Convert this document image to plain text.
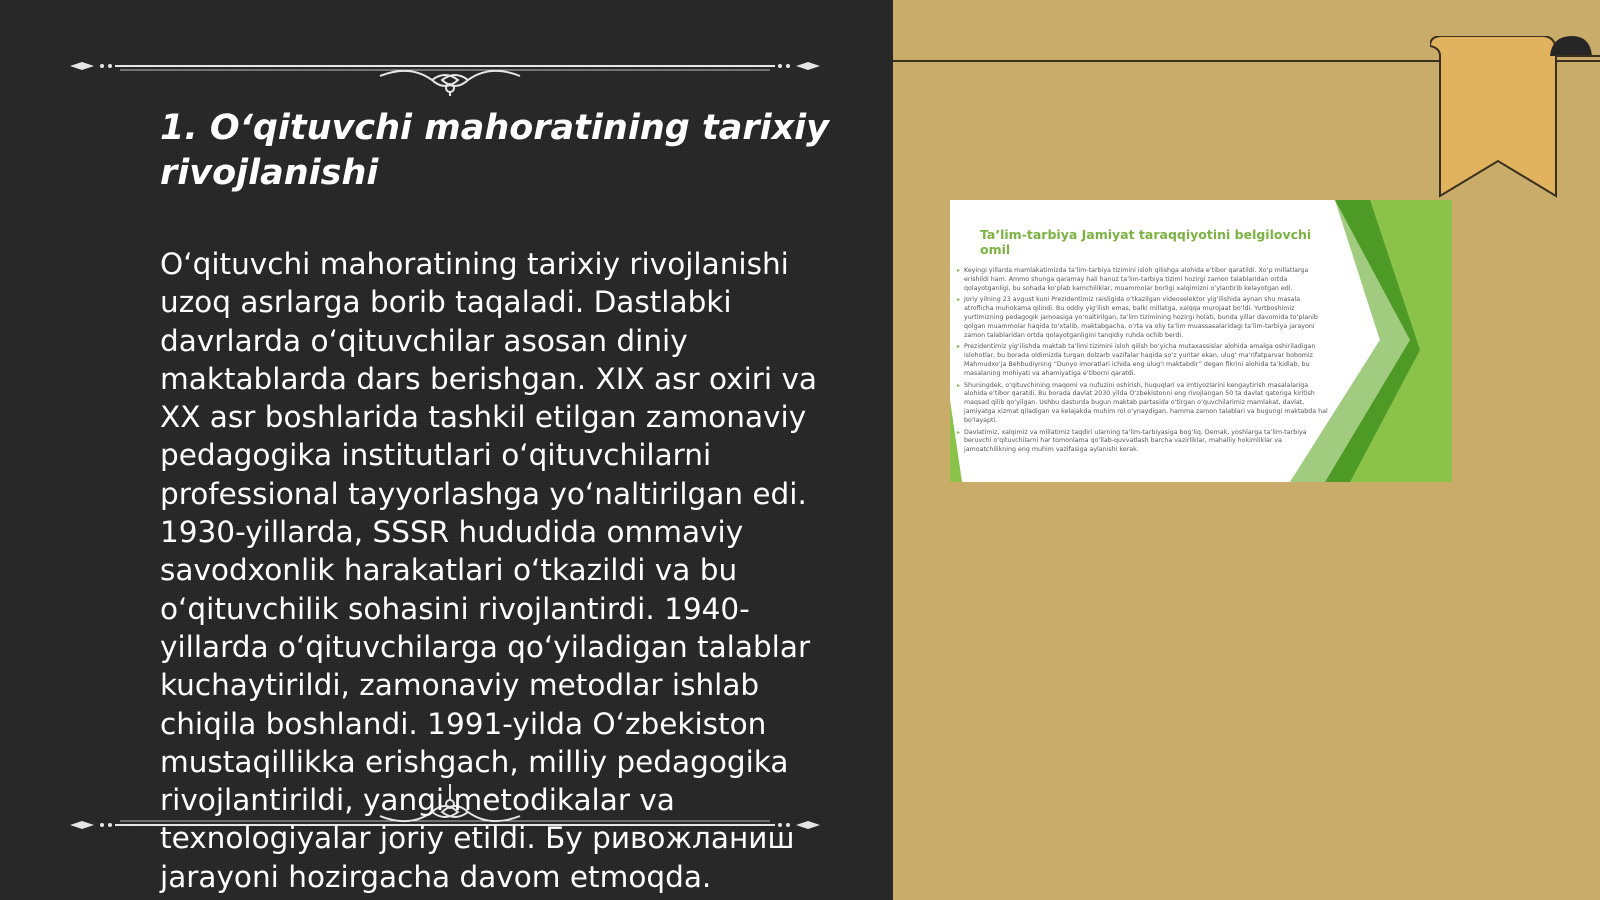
1. O‘qituvchi mahoratining tarixiy rivojlanishi

O‘qituvchi mahoratining tarixiy rivojlanishi uzoq asrlarga borib taqaladi. Dastlabki davrlarda o‘qituvchilar asosan diniy maktablarda dars berishgan. XIX asr oxiri va XX asr boshlarida tashkil etilgan zamonaviy pedagogika institutlari o‘qituvchilarni professional tayyorlashga yo‘naltirilgan edi. 1930-yillarda, SSSR hududida ommaviy savodxonlik harakatlari o‘tkazildi va bu o‘qituvchilik sohasini rivojlantirdi. 1940-yillarda o‘qituvchilarga qo‘yiladigan talablar kuchaytirildi, zamonaviy metodlar ishlab chiqila boshlandi. 1991-yilda O‘zbekiston mustaqillikka erishgach, milliy pedagogika rivojlantirildi, yangi metodikalar va texnologiyalar joriy etildi. Бу ривожланиш jarayoni hozirgacha davom etmoqda.

Ta’lim-tarbiya Jamiyat taraqqiyotini belgilovchi omil
▸ Keyingi yillarda mamlakatimizda ta’lim-tarbiya tizimini isloh qilishga alohida e’tibor qaratildi. Xo‘p millatlarga erishildi ham. Ammo shunga qaramay hali hanuz ta’lim-tarbiya tizimi hozirgi zamon talablaridan ortda qolayotganligi, bu sohada ko‘plab kamchiliklar, muammolar borligi xalqimizni o‘ylantirib kelayotgan edi.
▸ Joriy yilning 23 avgust kuni Prezidentimiz raisligida o‘tkazilgan videoselektor yig‘ilishida aynan shu masala atroflicha muhokama qilindi. Bu oddiy yig‘ilish emas, balki millatga, xalqqa murojaat bo‘ldi. Yurtboshimiz yurtimizning pedagogik jamoasiga yo‘naltirilgan, ta’lim tizimining hozirgi holati, bunda yillar davomida to‘planib qolgan muammolar haqida to‘xtalib, maktabgacha, o‘rta va oliy ta’lim muassasalaridagi ta’lim-tarbiya jarayoni zamon talablaridan ortda qolayotganligini tanqidiy ruhda ochib berdi.
▸ Prezidentimiz yig‘ilishda maktab ta’limi tizimini isloh qilish bo‘yicha mutaxassislar alohida amalga oshiriladigan islohotlar, bu borada oldimizda turgan dolzarb vazifalar haqida so‘z yuritar ekan, ulug‘ ma’rifatparvar bobomiz Mahmudxo‘ja Behbudiyning “Dunyo imoratlari ichida eng ulug‘i maktabdir” degan fikrini alohida ta’kidlab, bu masalaning mohiyati va ahamiyatiga e’tiborni qaratdi.
▸ Shuningdek, o‘qituvchining maqomi va nufuzini oshirish, huquqlari va imtiyozlarini kengaytirish masalalariga alohida e’tibor qaratdi. Bu borada davlat 2030 yilda O‘zbekistonni eng rivojlangan 50 ta davlat qatoriga kiritish maqsad qilib qo‘yilgan. Ushbu dasturda bugun maktab partasida o‘tirgan o‘quvchilarimiz mamlakat, davlat, jamiyatga xizmat qiladigan va kelajakda muhim rol o‘ynaydigan, hamma zamon talablari va bugungi maktabda hal bo‘layapti.
▸ Davlatimiz, xalqimiz va millatimiz taqdiri ularning ta’lim-tarbiyasiga bog‘liq. Demak, yoshlarga ta’lim-tarbiya beruvchi o‘qituvchilarni har tomonlama qo‘llab-quvvatlash barcha vazirliklar, mahalliy hokimliklar va jamoatchilikning eng muhim vazifasiga aylanishi kerak.
